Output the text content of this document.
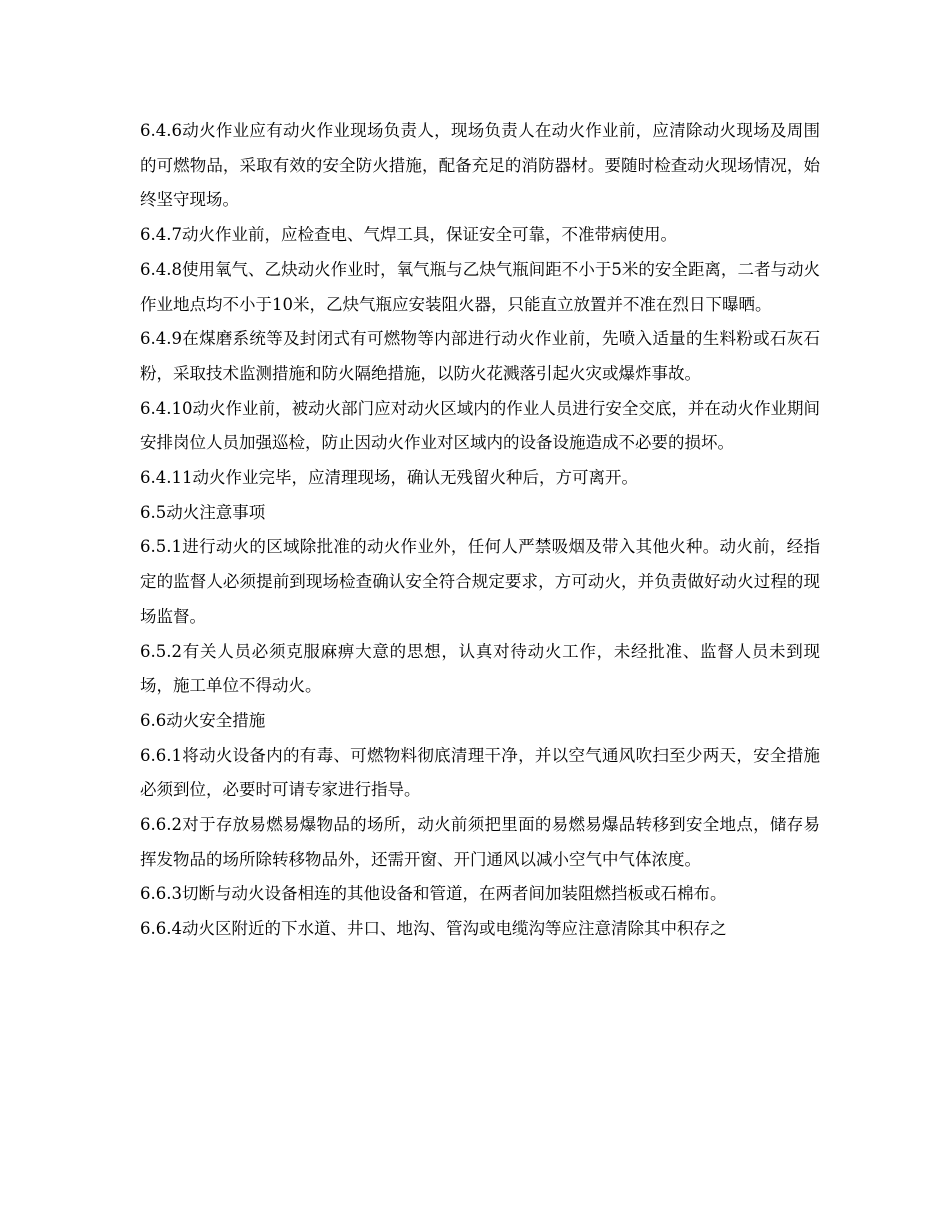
6.4.6动火作业应有动火作业现场负责人，现场负责人在动火作业前，应清除动火现场及周围的可燃物品，采取有效的安全防火措施，配备充足的消防器材。要随时检查动火现场情况，始终坚守现场。

6.4.7动火作业前，应检查电、气焊工具，保证安全可靠，不准带病使用。

6.4.8使用氧气、乙炔动火作业时，氧气瓶与乙炔气瓶间距不小于5米的安全距离，二者与动火作业地点均不小于10米，乙炔气瓶应安装阻火器，只能直立放置并不准在烈日下曝晒。

6.4.9在煤磨系统等及封闭式有可燃物等内部进行动火作业前，先喷入适量的生料粉或石灰石粉，采取技术监测措施和防火隔绝措施，以防火花溅落引起火灾或爆炸事故。

6.4.10动火作业前，被动火部门应对动火区域内的作业人员进行安全交底，并在动火作业期间安排岗位人员加强巡检，防止因动火作业对区域内的设备设施造成不必要的损坏。

6.4.11动火作业完毕，应清理现场，确认无残留火种后，方可离开。

6.5动火注意事项

6.5.1进行动火的区域除批准的动火作业外，任何人严禁吸烟及带入其他火种。动火前，经指定的监督人必须提前到现场检查确认安全符合规定要求，方可动火，并负责做好动火过程的现场监督。

6.5.2有关人员必须克服麻痹大意的思想，认真对待动火工作，未经批准、监督人员未到现场，施工单位不得动火。

6.6动火安全措施

6.6.1将动火设备内的有毒、可燃物料彻底清理干净，并以空气通风吹扫至少两天，安全措施必须到位，必要时可请专家进行指导。

6.6.2对于存放易燃易爆物品的场所，动火前须把里面的易燃易爆品转移到安全地点，储存易挥发物品的场所除转移物品外，还需开窗、开门通风以减小空气中气体浓度。

6.6.3切断与动火设备相连的其他设备和管道，在两者间加装阻燃挡板或石棉布。

6.6.4动火区附近的下水道、井口、地沟、管沟或电缆沟等应注意清除其中积存之
